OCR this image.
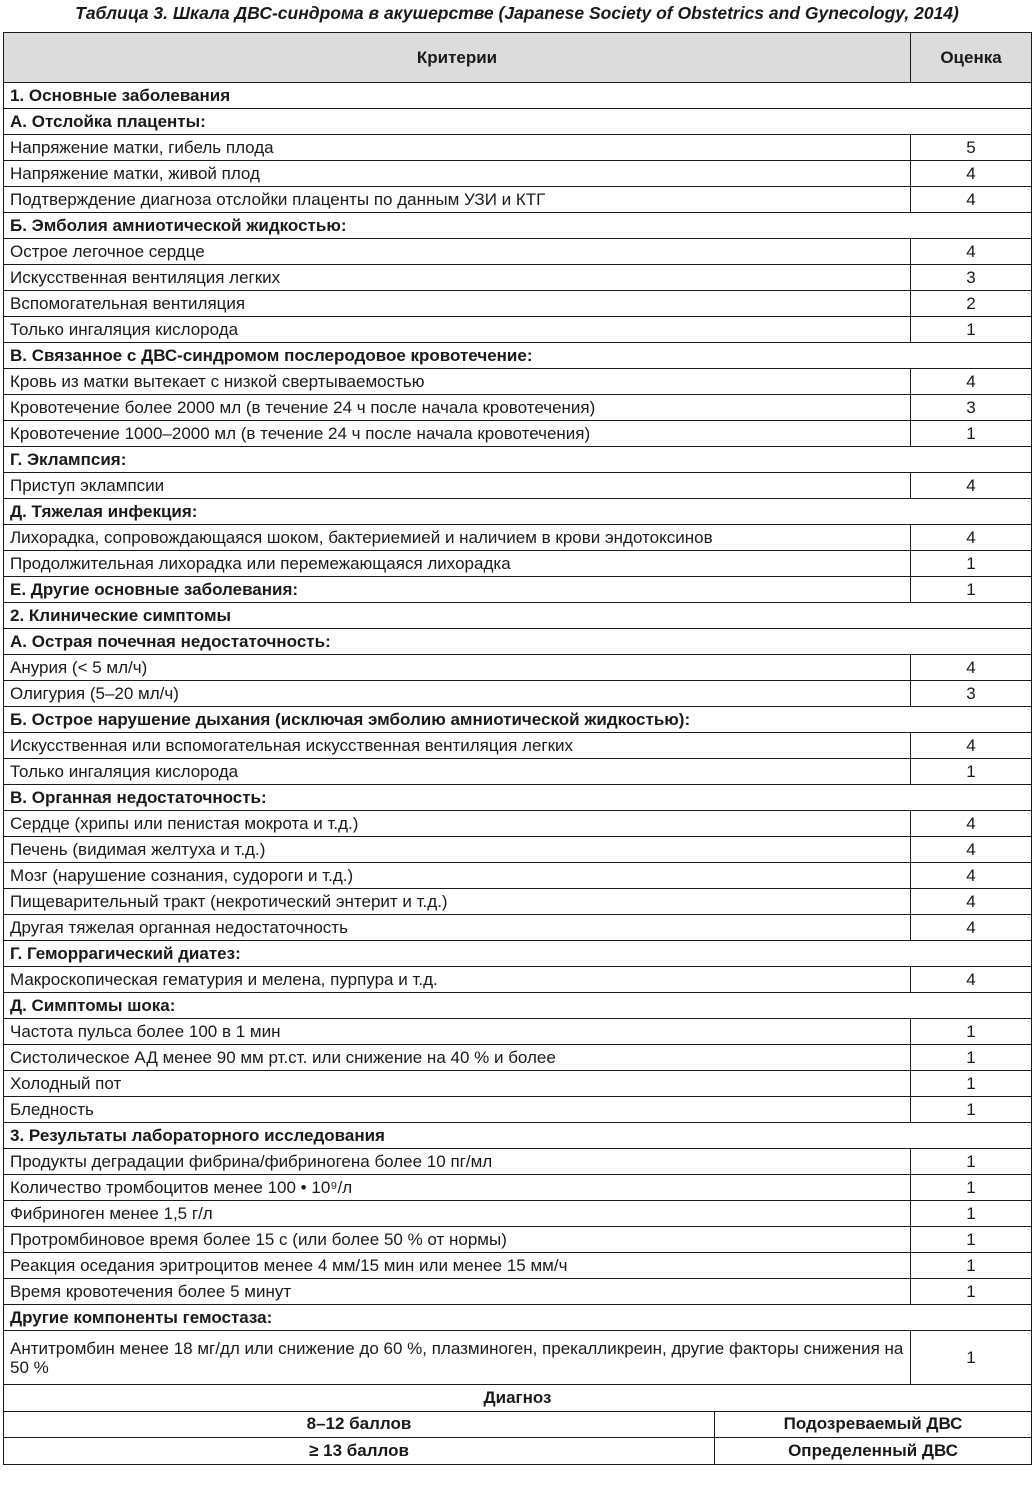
Таблица 3. Шкала ДВС-синдрома в акушерстве (Japanese Society of Obstetrics and Gynecology, 2014)
Критерии	Оценка
1. Основные заболевания	
А. Отслойка плаценты:	
Напряжение матки, гибель плода	5
Напряжение матки, живой плод	4
Подтверждение диагноза отслойки плаценты по данным УЗИ и КТГ	4
Б. Эмболия амниотической жидкостью:	
Острое легочное сердце	4
Искусственная вентиляция легких	3
Вспомогательная вентиляция	2
Только ингаляция кислорода	1
В. Связанное с ДВС-синдромом послеродовое кровотечение:	
Кровь из матки вытекает с низкой свертываемостью	4
Кровотечение более 2000 мл (в течение 24 ч после начала кровотечения)	3
Кровотечение 1000–2000 мл (в течение 24 ч после начала кровотечения)	1
Г. Эклампсия:	
Приступ эклампсии	4
Д. Тяжелая инфекция:	
Лихорадка, сопровождающаяся шоком, бактериемией и наличием в крови эндотоксинов	4
Продолжительная лихорадка или перемежающаяся лихорадка	1
Е. Другие основные заболевания:	1
2. Клинические симптомы	
А. Острая почечная недостаточность:	
Анурия (< 5 мл/ч)	4
Олигурия (5–20 мл/ч)	3
Б. Острое нарушение дыхания (исключая эмболию амниотической жидкостью):	
Искусственная или вспомогательная искусственная вентиляция легких	4
Только ингаляция кислорода	1
В. Органная недостаточность:	
Сердце (хрипы или пенистая мокрота и т.д.)	4
Печень (видимая желтуха и т.д.)	4
Мозг (нарушение сознания, судороги и т.д.)	4
Пищеварительный тракт (некротический энтерит и т.д.)	4
Другая тяжелая органная недостаточность	4
Г. Геморрагический диатез:	
Макроскопическая гематурия и мелена, пурпура и т.д.	4
Д. Симптомы шока:	
Частота пульса более 100 в 1 мин	1
Систолическое АД менее 90 мм рт.ст. или снижение на 40 % и более	1
Холодный пот	1
Бледность	1
3. Результаты лабораторного исследования	
Продукты деградации фибрина/фибриногена более 10 пг/мл	1
Количество тромбоцитов менее 100 • 10⁹/л	1
Фибриноген менее 1,5 г/л	1
Протромбиновое время более 15 с (или более 50 % от нормы)	1
Реакция оседания эритроцитов менее 4 мм/15 мин или менее 15 мм/ч	1
Время кровотечения более 5 минут	1
Другие компоненты гемостаза:	
Антитромбин менее 18 мг/дл или снижение до 60 %, плазминоген, прекалликреин, другие факторы снижения на 50 %	1
Диагноз	
8–12 баллов	Подозреваемый ДВС
≥ 13 баллов	Определенный ДВС
